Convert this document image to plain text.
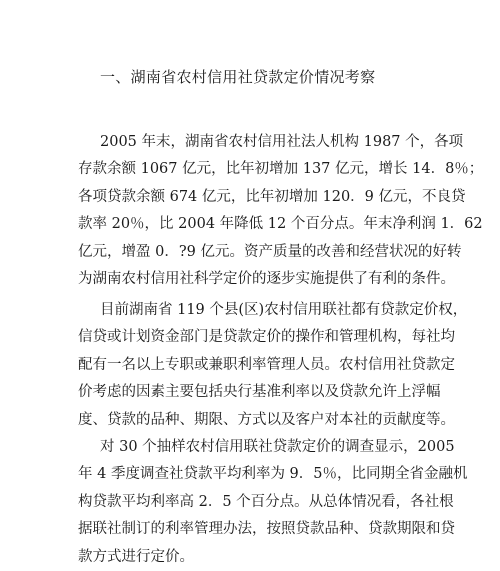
一、湖南省农村信用社贷款定价情况考察
2005 年末，湖南省农村信用社法人机构 1987 个，各项
存款余额 1067 亿元，比年初增加 137 亿元，增长 14．8％；
各项贷款余额 674 亿元，比年初增加 120．9 亿元，不良贷
款率 20％，比 2004 年降低 12 个百分点。年末净利润 1．62
亿元，增盈 0．?9 亿元。资产质量的改善和经营状况的好转
为湖南农村信用社科学定价的逐步实施提供了有利的条件。
目前湖南省 119 个县(区)农村信用联社都有贷款定价权，
信贷或计划资金部门是贷款定价的操作和管理机构，每社均
配有一名以上专职或兼职利率管理人员。农村信用社贷款定
价考虑的因素主要包括央行基准利率以及贷款允许上浮幅
度、贷款的品种、期限、方式以及客户对本社的贡献度等。
对 30 个抽样农村信用联社贷款定价的调查显示，2005
年 4 季度调查社贷款平均利率为 9．5％，比同期全省金融机
构贷款平均利率高 2．5 个百分点。从总体情况看，各社根
据联社制订的利率管理办法，按照贷款品种、贷款期限和贷
款方式进行定价。
